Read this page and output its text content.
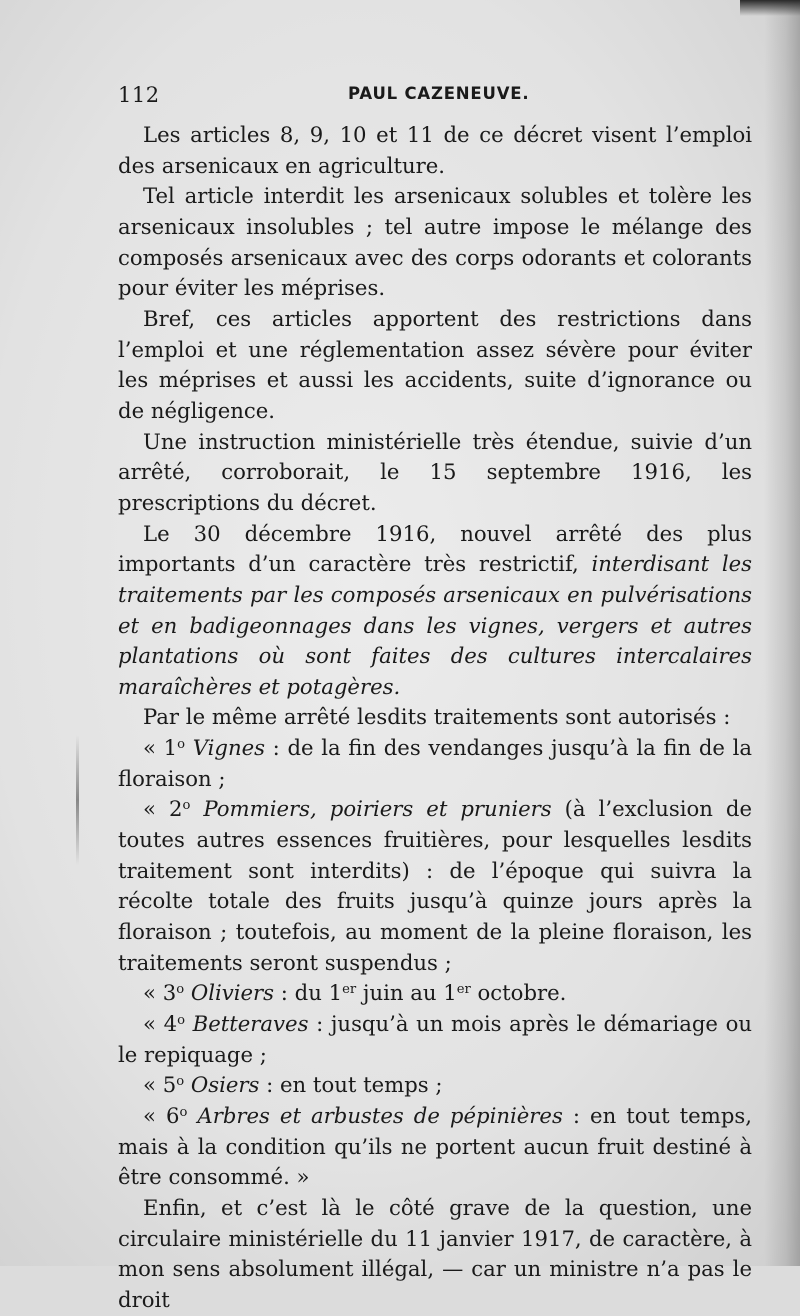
112	PAUL CAZENEUVE.

Les articles 8, 9, 10 et 11 de ce décret visent l’emploi des arsenicaux en agriculture.

Tel article interdit les arsenicaux solubles et tolère les arsenicaux insolubles ; tel autre impose le mélange des composés arsenicaux avec des corps odorants et colorants pour éviter les méprises.

Bref, ces articles apportent des restrictions dans l’emploi et une réglementation assez sévère pour éviter les méprises et aussi les accidents, suite d’ignorance ou de négligence.

Une instruction ministérielle très étendue, suivie d’un arrêté, corroborait, le 15 septembre 1916, les prescriptions du décret.

Le 30 décembre 1916, nouvel arrêté des plus importants d’un caractère très restrictif, interdisant les traitements par les composés arsenicaux en pulvérisations et en badigeonnages dans les vignes, vergers et autres plantations où sont faites des cultures intercalaires maraîchères et potagères.

Par le même arrêté lesdits traitements sont autorisés :

« 1$^o$ Vignes : de la fin des vendanges jusqu’à la fin de la floraison ;

« 2$^o$ Pommiers, poiriers et pruniers (à l’exclusion de toutes autres essences fruitières, pour lesquelles lesdits traitement sont interdits) : de l’époque qui suivra la récolte totale des fruits jusqu’à quinze jours après la floraison ; toutefois, au moment de la pleine floraison, les traitements seront suspendus ;

« 3$^o$ Oliviers : du 1er juin au 1er octobre.

« 4$^o$ Betteraves : jusqu’à un mois après le démariage ou le repiquage ;

« 5$^o$ Osiers : en tout temps ;

« 6$^o$ Arbres et arbustes de pépinières : en tout temps, mais à la condition qu’ils ne portent aucun fruit destiné à être consommé. »

Enfin, et c’est là le côté grave de la question, une circulaire ministérielle du 11 janvier 1917, de caractère, à mon sens absolument illégal, — car un ministre n’a pas le droit
